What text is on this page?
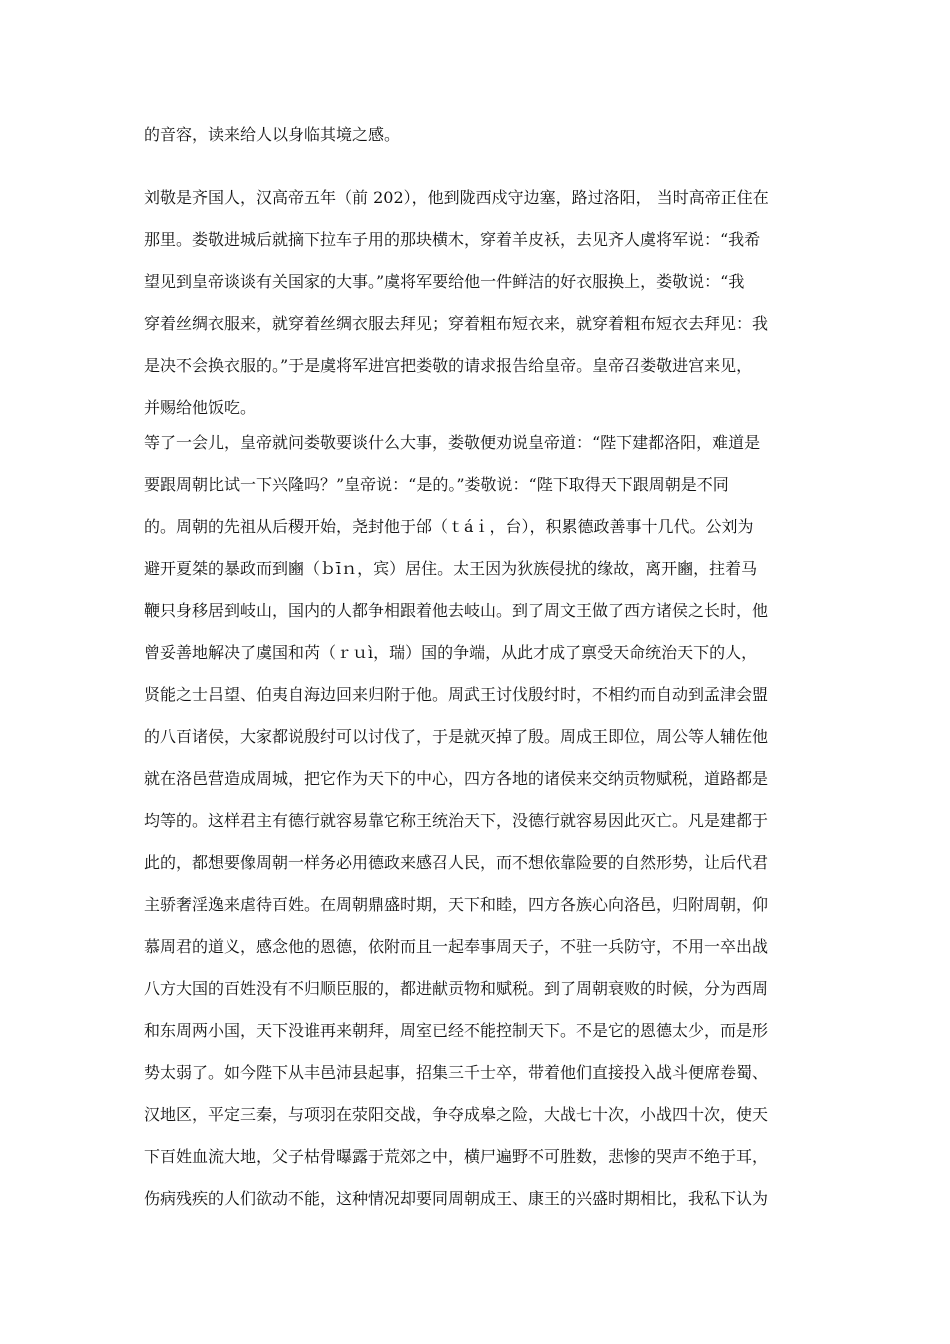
的音容，读来给人以身临其境之感。

刘敬是齐国人，汉高帝五年（前 202），他到陇西戍守边塞，路过洛阳， 当时高帝正住在

那里。娄敬进城后就摘下拉车子用的那块横木，穿着羊皮袄，去见齐人虞将军说：“我希

望见到皇帝谈谈有关国家的大事。”虞将军要给他一件鲜洁的好衣服换上，娄敬说：“我

穿着丝绸衣服来，就穿着丝绸衣服去拜见；穿着粗布短衣来，就穿着粗布短衣去拜见：我

是决不会换衣服的。”于是虞将军进宫把娄敬的请求报告给皇帝。皇帝召娄敬进宫来见，

并赐给他饭吃。

等了一会儿，皇帝就问娄敬要谈什么大事，娄敬便劝说皇帝道：“陛下建都洛阳，难道是

要跟周朝比试一下兴隆吗？”皇帝说：“是的。”娄敬说：“陛下取得天下跟周朝是不同

的。周朝的先祖从后稷开始，尧封他于邰（ｔáｉ，台），积累德政善事十几代。公刘为

避开夏桀的暴政而到豳（ｂīｎ，宾）居住。太王因为狄族侵扰的缘故，离开豳，拄着马

鞭只身移居到岐山，国内的人都争相跟着他去岐山。到了周文王做了西方诸侯之长时，他

曾妥善地解决了虞国和芮（ｒｕì，瑞）国的争端，从此才成了禀受天命统治天下的人，

贤能之士吕望、伯夷自海边回来归附于他。周武王讨伐殷纣时，不相约而自动到孟津会盟

的八百诸侯，大家都说殷纣可以讨伐了，于是就灭掉了殷。周成王即位，周公等人辅佐他

就在洛邑营造成周城，把它作为天下的中心，四方各地的诸侯来交纳贡物赋税，道路都是

均等的。这样君主有德行就容易靠它称王统治天下，没德行就容易因此灭亡。凡是建都于

此的，都想要像周朝一样务必用德政来感召人民，而不想依靠险要的自然形势，让后代君

主骄奢淫逸来虐待百姓。在周朝鼎盛时期，天下和睦，四方各族心向洛邑，归附周朝，仰

慕周君的道义，感念他的恩德，依附而且一起奉事周天子，不驻一兵防守，不用一卒出战

八方大国的百姓没有不归顺臣服的，都进献贡物和赋税。到了周朝衰败的时候，分为西周

和东周两小国，天下没谁再来朝拜，周室已经不能控制天下。不是它的恩德太少，而是形

势太弱了。如今陛下从丰邑沛县起事，招集三千士卒，带着他们直接投入战斗便席卷蜀、

汉地区，平定三秦，与项羽在荥阳交战，争夺成皋之险，大战七十次，小战四十次，使天

下百姓血流大地，父子枯骨曝露于荒郊之中，横尸遍野不可胜数，悲惨的哭声不绝于耳，

伤病残疾的人们欲动不能，这种情况却要同周朝成王、康王的兴盛时期相比，我私下认为
